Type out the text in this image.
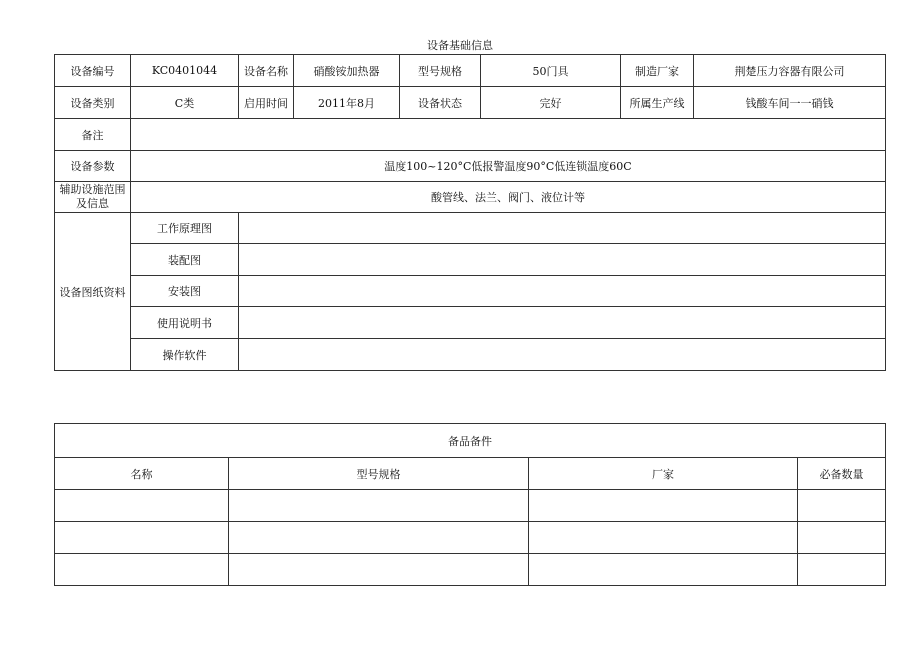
设备基础信息
设备编号	KC0401044	设备名称	硝酸铵加热器	型号规格	50门具	制造厂家	荆楚压力容器有限公司
设备类别	C类	启用时间	2011年8月	设备状态	完好	所属生产线	钱酸车间一一硝钱
备注							
设备参数	温度100~120°C低报警温度90°C低连锁温度60C						
辅助设施范围及信息	酸管线、法兰、阀门、液位计等						
设备图纸资料	工作原理图						
	装配图						
	安装图						
	使用说明书						
	操作软件						
备品备件			
名称	型号规格	厂家	必备数量
